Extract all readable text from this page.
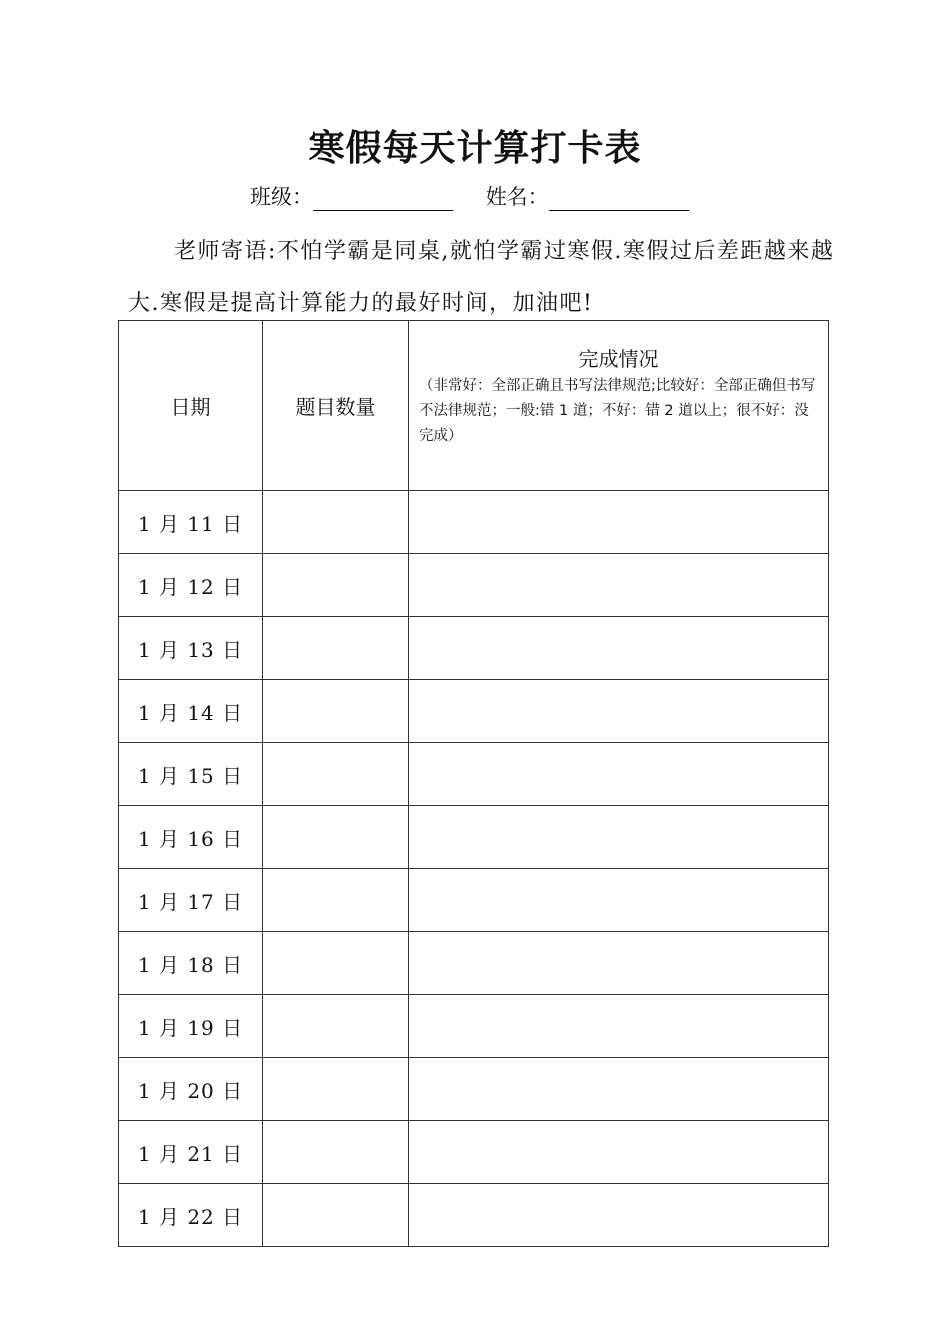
寒假每天计算打卡表
班级：	姓名：
老师寄语:不怕学霸是同桌,就怕学霸过寒假.寒假过后差距越来越大.寒假是提高计算能力的最好时间，加油吧!
日期	题目数量	完成情况
（非常好：全部正确且书写法律规范;比较好：全部正确但书写不法律规范；一般:错 1 道；不好：错 2 道以上；很不好：没完成）

1 月 11 日		
1 月 12 日		
1 月 13 日		
1 月 14 日		
1 月 15 日		
1 月 16 日		
1 月 17 日		
1 月 18 日		
1 月 19 日		
1 月 20 日		
1 月 21 日		
1 月 22 日		
